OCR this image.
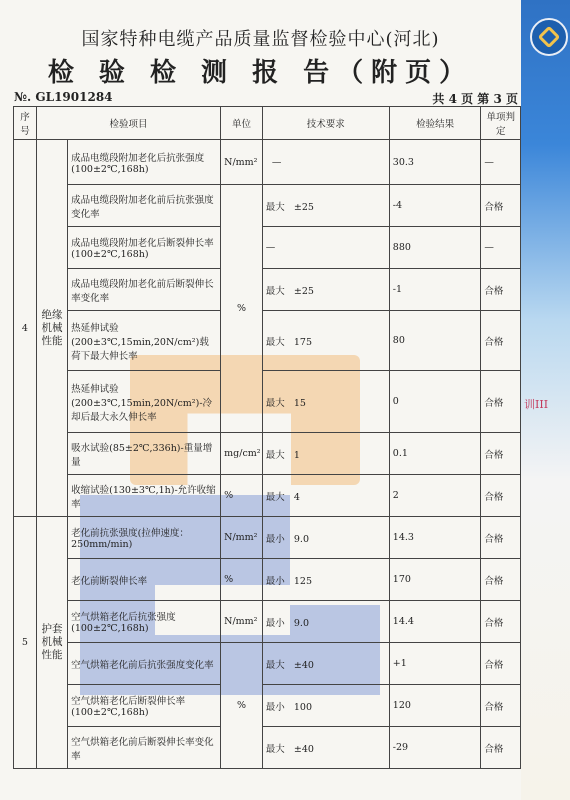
训III
国家特种电缆产品质量监督检验中心(河北)
检 验 检 测 报 告（附页）
№. GL1901284	共 4 页 第 3 页
序号	检验项目		单位	技术要求	检验结果	单项判定
4	绝缘机械性能	成品电缆段附加老化后抗张强度(100±2℃,168h)	N/mm²	—	30.3	—
		成品电缆段附加老化前后抗张强度变化率	%	最大 ±25	-4	合格
		成品电缆段附加老化后断裂伸长率(100±2℃,168h)		—	880	—
		成品电缆段附加老化前后断裂伸长率变化率		最大 ±25	-1	合格
		热延伸试验(200±3℃,15min,20N/cm²)载荷下最大伸长率		最大 175	80	合格
		热延伸试验(200±3℃,15min,20N/cm²)-冷却后最大永久伸长率		最大 15	0	合格
		吸水试验(85±2℃,336h)-重量增量	mg/cm²	最大 1	0.1	合格
		收缩试验(130±3℃,1h)-允许收缩率	%	最大 4	2	合格
5	护套机械性能	老化前抗张强度(拉伸速度：250mm/min)	N/mm²	最小 9.0	14.3	合格
		老化前断裂伸长率	%	最小 125	170	合格
		空气烘箱老化后抗张强度(100±2℃,168h)	N/mm²	最小 9.0	14.4	合格
		空气烘箱老化前后抗张强度变化率	%	最大 ±40	+1	合格
		空气烘箱老化后断裂伸长率(100±2℃,168h)		最小 100	120	合格
		空气烘箱老化前后断裂伸长率变化率		最大 ±40	-29	合格
